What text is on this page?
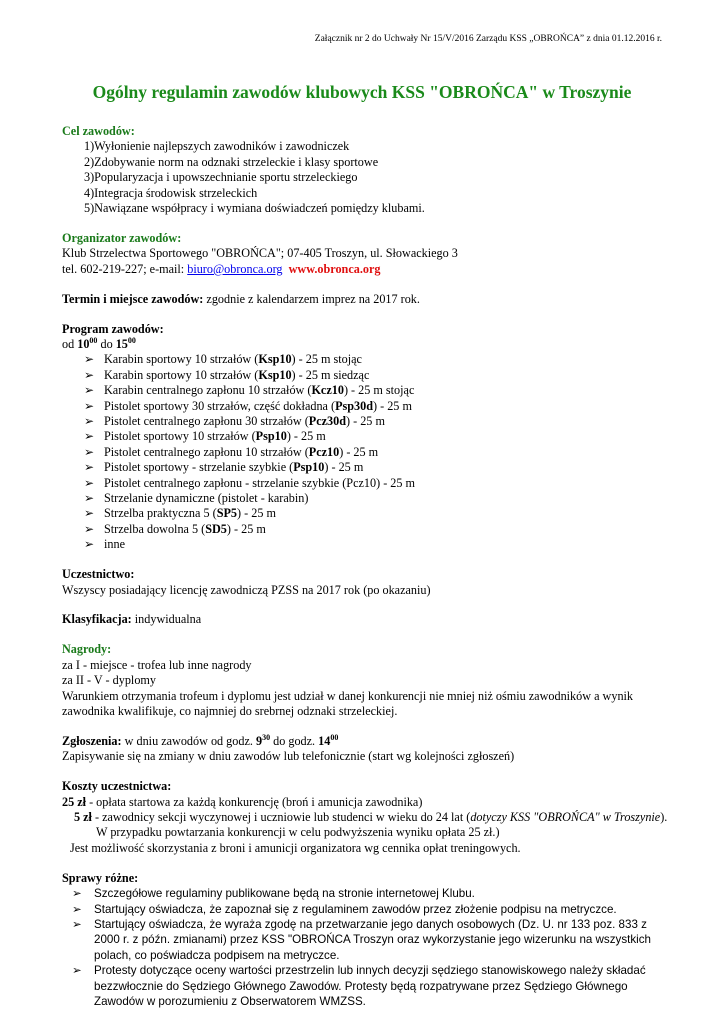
Załącznik nr 2 do Uchwały Nr 15/V/2016 Zarządu KSS „OBROŃCA” z dnia 01.12.2016 r.
Ogólny regulamin zawodów klubowych KSS "OBROŃCA" w Troszynie
Cel zawodów:
1)Wyłonienie najlepszych zawodników i zawodniczek
2)Zdobywanie norm na odznaki strzeleckie i klasy sportowe
3)Popularyzacja i upowszechnianie sportu strzeleckiego
4)Integracja środowisk strzeleckich
5)Nawiązane współpracy i wymiana doświadczeń pomiędzy klubami.
Organizator zawodów:
Klub Strzelectwa Sportowego "OBROŃCA"; 07-405 Troszyn, ul. Słowackiego 3
tel. 602-219-227; e-mail: biuro@obronca.org www.obronca.org
Termin i miejsce zawodów: zgodnie z kalendarzem imprez na 2017 rok.
Program zawodów:
od $10^{00}$ do $15^{00}$
➢ Karabin sportowy 10 strzałów (Ksp10) - 25 m stojąc
➢ Karabin sportowy 10 strzałów (Ksp10) - 25 m siedząc
➢ Karabin centralnego zapłonu 10 strzałów (Kcz10) - 25 m stojąc
➢ Pistolet sportowy 30 strzałów, część dokładna (Psp30d) - 25 m
➢ Pistolet centralnego zapłonu 30 strzałów (Pcz30d) - 25 m
➢ Pistolet sportowy 10 strzałów (Psp10) - 25 m
➢ Pistolet centralnego zapłonu 10 strzałów (Pcz10) - 25 m
➢ Pistolet sportowy - strzelanie szybkie (Psp10) - 25 m
➢ Pistolet centralnego zapłonu - strzelanie szybkie (Pcz10) - 25 m
➢ Strzelanie dynamiczne (pistolet - karabin)
➢ Strzelba praktyczna 5 (SP5) - 25 m
➢ Strzelba dowolna 5 (SD5) - 25 m
➢ inne
Uczestnictwo:
Wszyscy posiadający licencję zawodniczą PZSS na 2017 rok (po okazaniu)
Klasyfikacja: indywidualna
Nagrody:
za I - miejsce - trofea lub inne nagrody
za II - V - dyplomy
Warunkiem otrzymania trofeum i dyplomu jest udział w danej konkurencji nie mniej niż ośmiu zawodników a wynik
zawodnika kwalifikuje, co najmniej do srebrnej odznaki strzeleckiej.
Zgłoszenia: w dniu zawodów od godz. $9^{30}$ do godz. $14^{00}$
Zapisywanie się na zmiany w dniu zawodów lub telefonicznie (start wg kolejności zgłoszeń)
Koszty uczestnictwa:
25 zł - opłata startowa za każdą konkurencję (broń i amunicja zawodnika)
5 zł - zawodnicy sekcji wyczynowej i uczniowie lub studenci w wieku do 24 lat (dotyczy KSS "OBROŃCA" w Troszynie). W przypadku powtarzania konkurencji w celu podwyższenia wyniku opłata 25 zł.)
Jest możliwość skorzystania z broni i amunicji organizatora wg cennika opłat treningowych.
Sprawy różne:
➢ Szczegółowe regulaminy publikowane będą na stronie internetowej Klubu.
➢ Startujący oświadcza, że zapoznał się z regulaminem zawodów przez złożenie podpisu na metryczce.
➢ Startujący oświadcza, że wyraża zgodę na przetwarzanie jego danych osobowych (Dz. U. nr 133 poz. 833 z 2000 r. z późn. zmianami) przez KSS "OBROŃCA Troszyn oraz wykorzystanie jego wizerunku na wszystkich polach, co poświadcza podpisem na metryczce.
➢ Protesty dotyczące oceny wartości przestrzelin lub innych decyzji sędziego stanowiskowego należy składać bezzwłocznie do Sędziego Głównego Zawodów. Protesty będą rozpatrywane przez Sędziego Głównego Zawodów w porozumieniu z Obserwatorem WMZSS.
